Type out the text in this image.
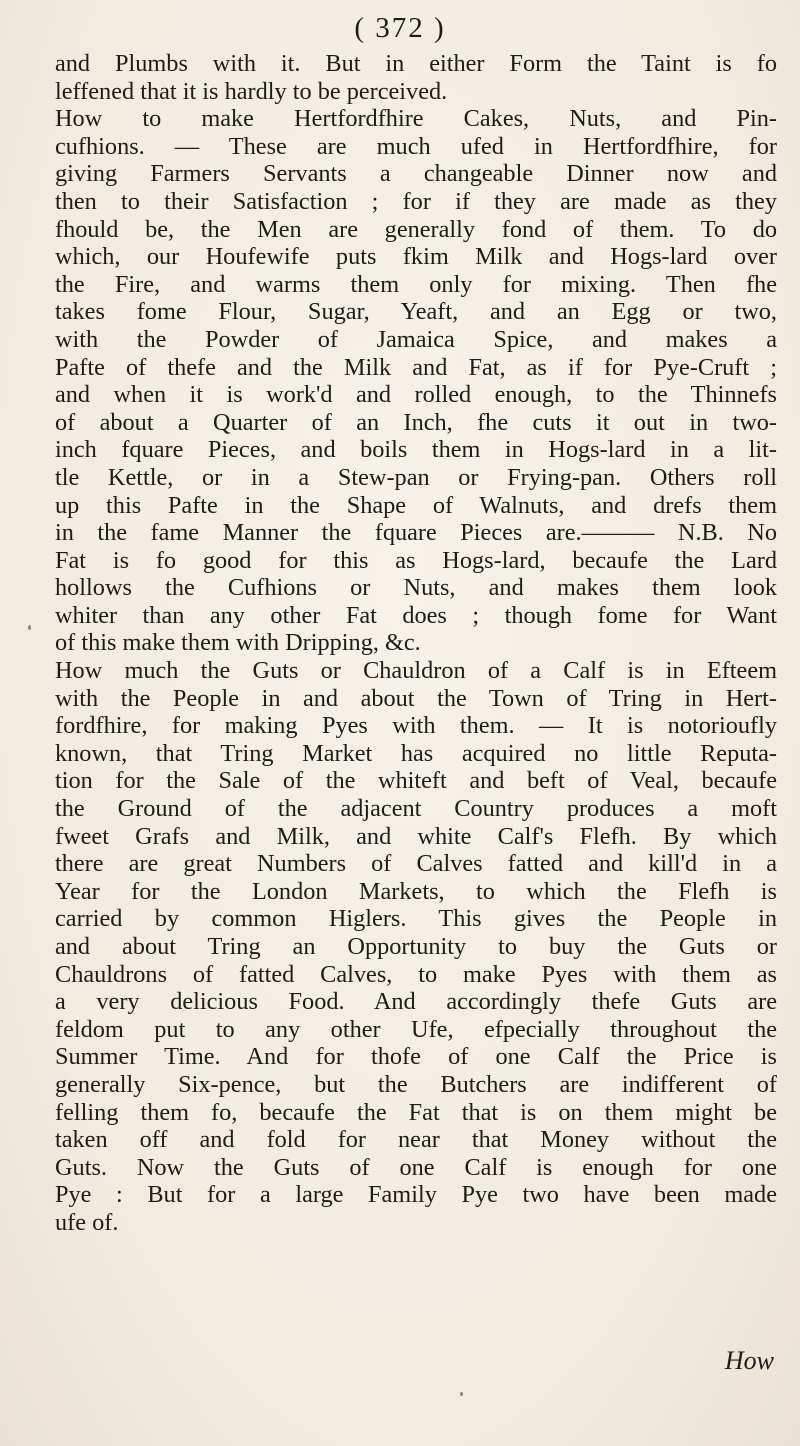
( 372 )
and Plumbs with it. But in either Form the Taint is fo
leffened that it is hardly to be perceived.
How to make Hertfordfhire Cakes, Nuts, and Pin-
cufhions. — These are much ufed in Hertfordfhire, for
giving Farmers Servants a changeable Dinner now and
then to their Satisfaction ; for if they are made as they
fhould be, the Men are generally fond of them. To do
which, our Houfewife puts fkim Milk and Hogs-lard over
the Fire, and warms them only for mixing. Then fhe
takes fome Flour, Sugar, Yeaft, and an Egg or two,
with the Powder of Jamaica Spice, and makes a
Pafte of thefe and the Milk and Fat, as if for Pye-Cruft ;
and when it is work'd and rolled enough, to the Thinnefs
of about a Quarter of an Inch, fhe cuts it out in two-
inch fquare Pieces, and boils them in Hogs-lard in a lit-
tle Kettle, or in a Stew-pan or Frying-pan. Others roll
up this Pafte in the Shape of Walnuts, and drefs them
in the fame Manner the fquare Pieces are.——— N.B. No
Fat is fo good for this as Hogs-lard, becaufe the Lard
hollows the Cufhions or Nuts, and makes them look
whiter than any other Fat does ; though fome for Want
of this make them with Dripping, &c.
How much the Guts or Chauldron of a Calf is in Efteem
with the People in and about the Town of Tring in Hert-
fordfhire, for making Pyes with them. — It is notorioufly
known, that Tring Market has acquired no little Reputa-
tion for the Sale of the whiteft and beft of Veal, becaufe
the Ground of the adjacent Country produces a moft
fweet Grafs and Milk, and white Calf's Flefh. By which
there are great Numbers of Calves fatted and kill'd in a
Year for the London Markets, to which the Flefh is
carried by common Higlers. This gives the People in
and about Tring an Opportunity to buy the Guts or
Chauldrons of fatted Calves, to make Pyes with them as
a very delicious Food. And accordingly thefe Guts are
feldom put to any other Ufe, efpecially throughout the
Summer Time. And for thofe of one Calf the Price is
generally Six-pence, but the Butchers are indifferent of
felling them fo, becaufe the Fat that is on them might be
taken off and fold for near that Money without the
Guts. Now the Guts of one Calf is enough for one
Pye : But for a large Family Pye two have been made
ufe of.
How
